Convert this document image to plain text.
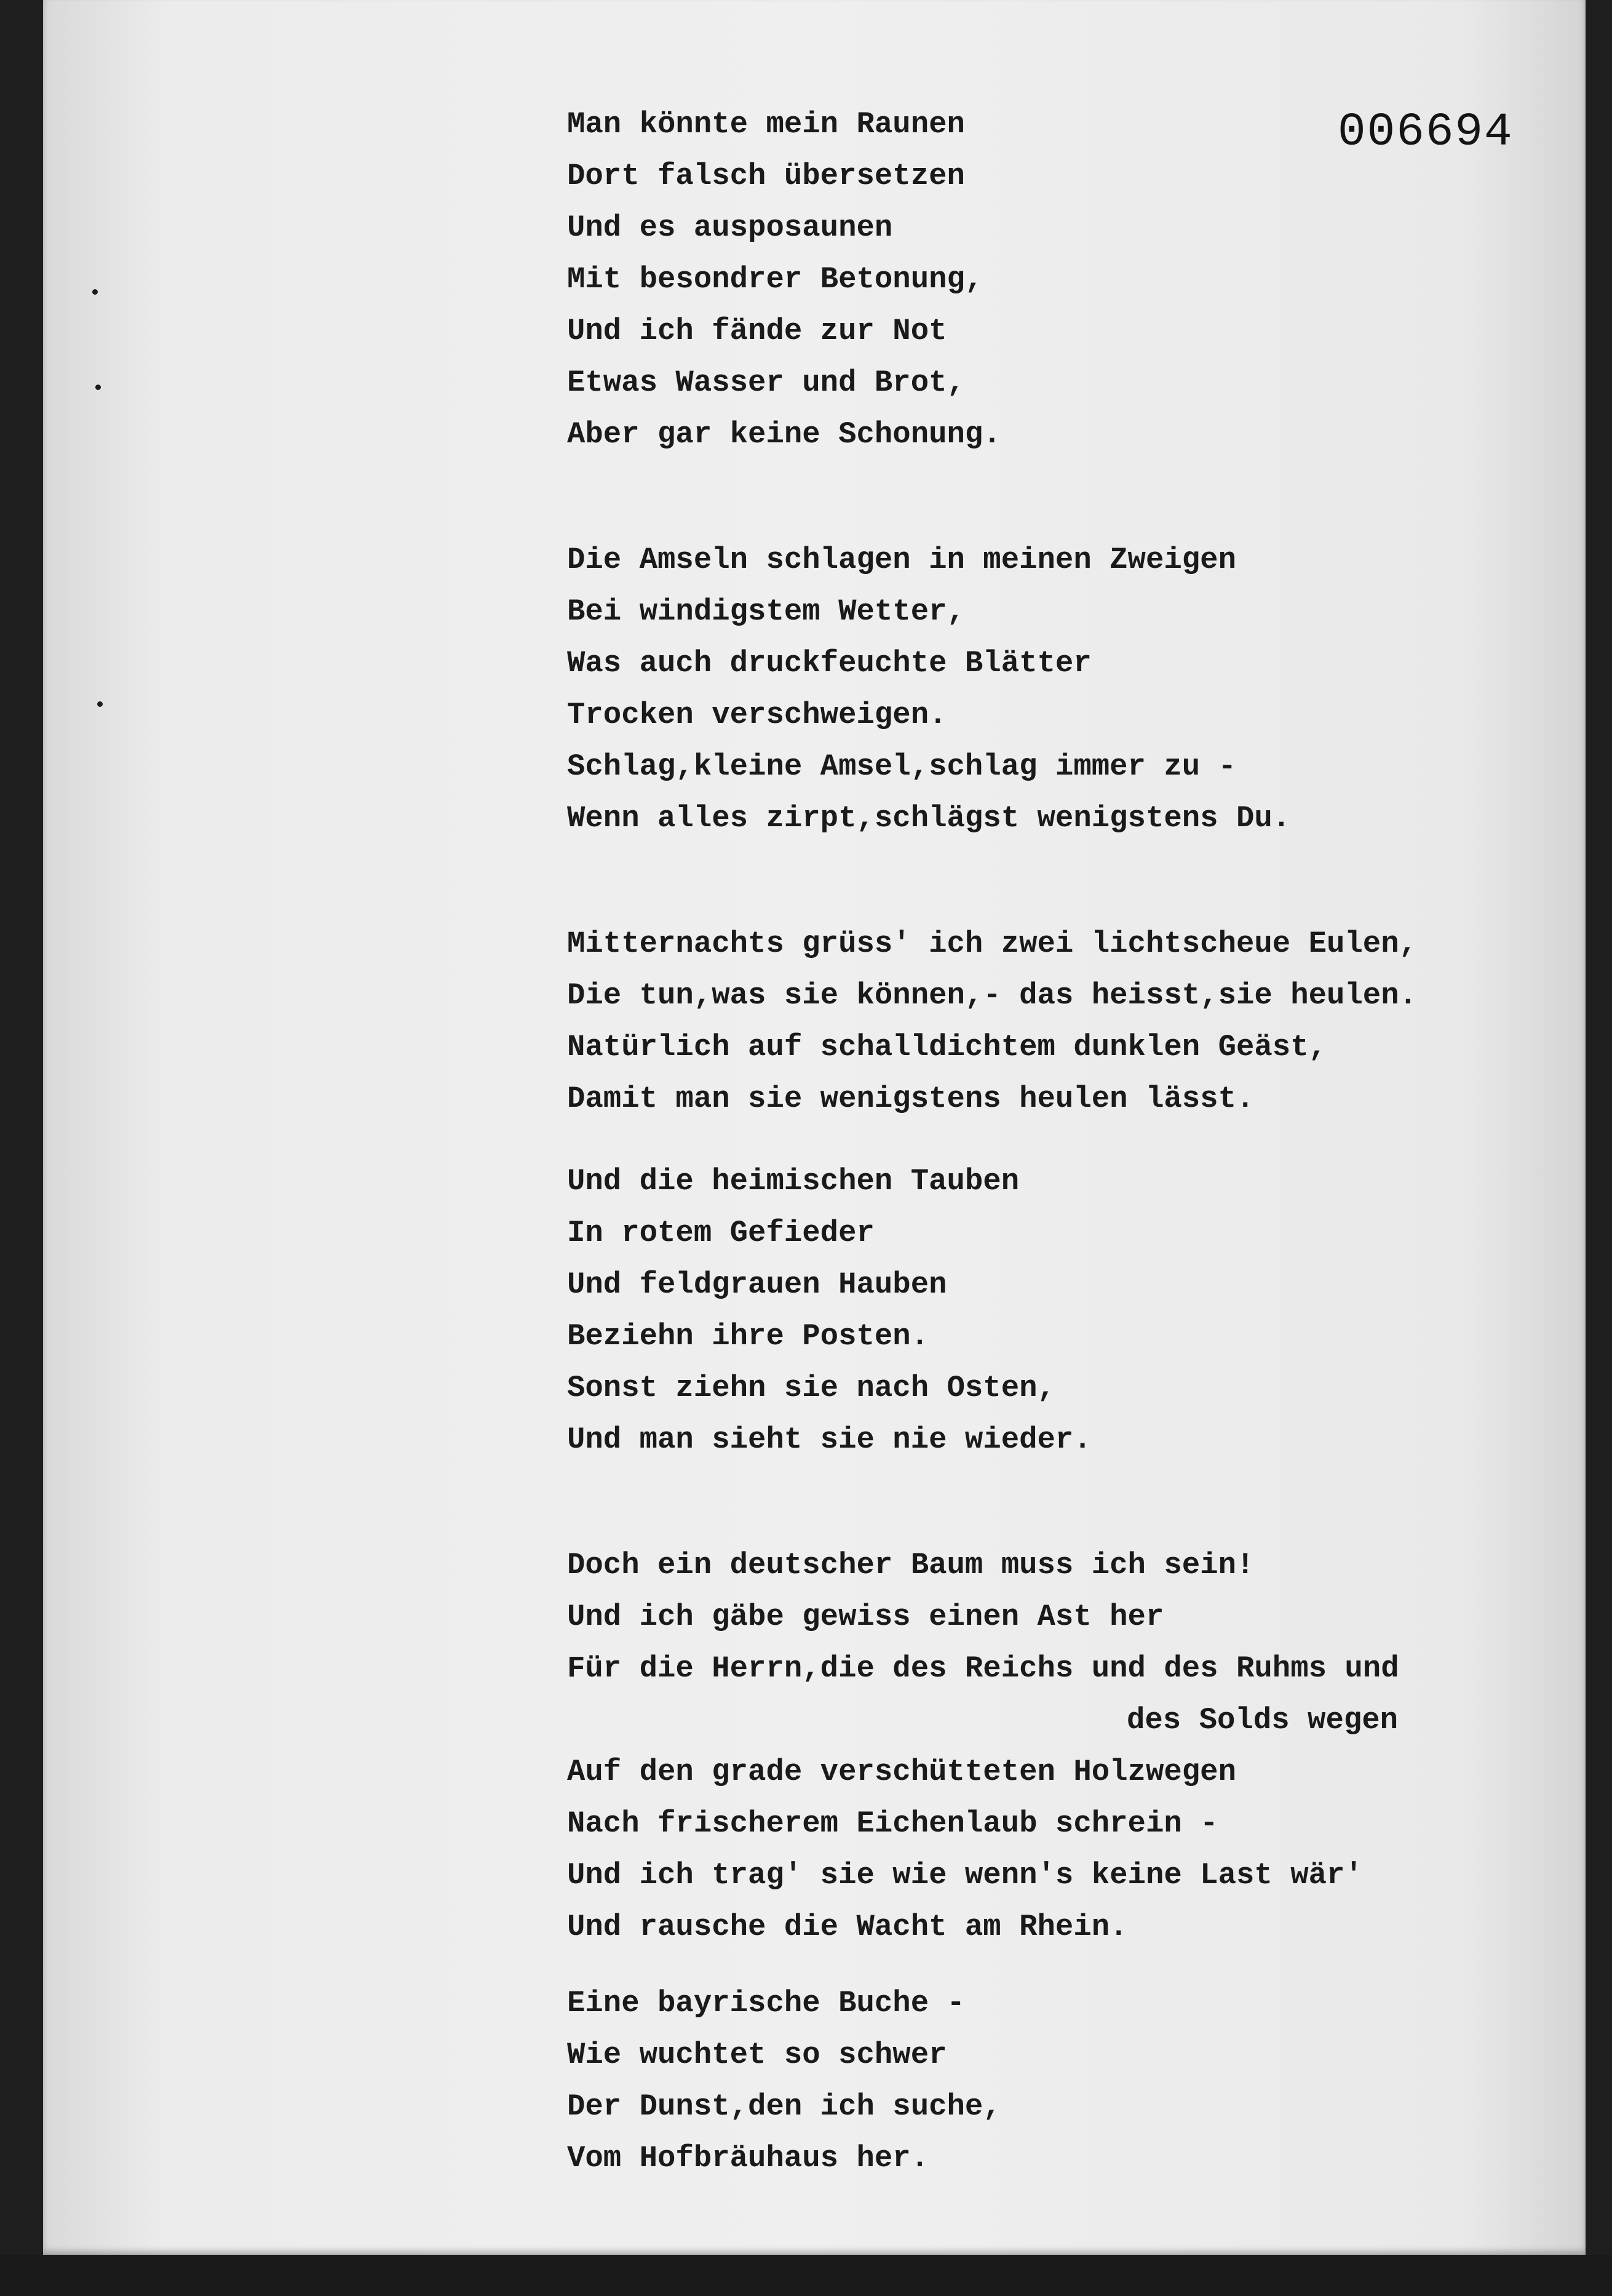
006694
Man könnte mein Raunen
Dort falsch übersetzen
Und es ausposaunen
Mit besondrer Betonung,
Und ich fände zur Not
Etwas Wasser und Brot,
Aber gar keine Schonung.
Die Amseln schlagen in meinen Zweigen
Bei windigstem Wetter,
Was auch druckfeuchte Blätter
Trocken verschweigen.
Schlag,kleine Amsel,schlag immer zu -
Wenn alles zirpt,schlägst wenigstens Du.
Mitternachts grüss' ich zwei lichtscheue Eulen,
Die tun,was sie können,- das heisst,sie heulen.
Natürlich auf schalldichtem dunklen Geäst,
Damit man sie wenigstens heulen lässt.
Und die heimischen Tauben
In rotem Gefieder
Und feldgrauen Hauben
Beziehn ihre Posten.
Sonst ziehn sie nach Osten,
Und man sieht sie nie wieder.
Doch ein deutscher Baum muss ich sein!
Und ich gäbe gewiss einen Ast her
Für die Herrn,die des Reichs und des Ruhms und
des Solds wegen
Auf den grade verschütteten Holzwegen
Nach frischerem Eichenlaub schrein -
Und ich trag' sie wie wenn's keine Last wär'
Und rausche die Wacht am Rhein.
Eine bayrische Buche -
Wie wuchtet so schwer
Der Dunst,den ich suche,
Vom Hofbräuhaus her.
